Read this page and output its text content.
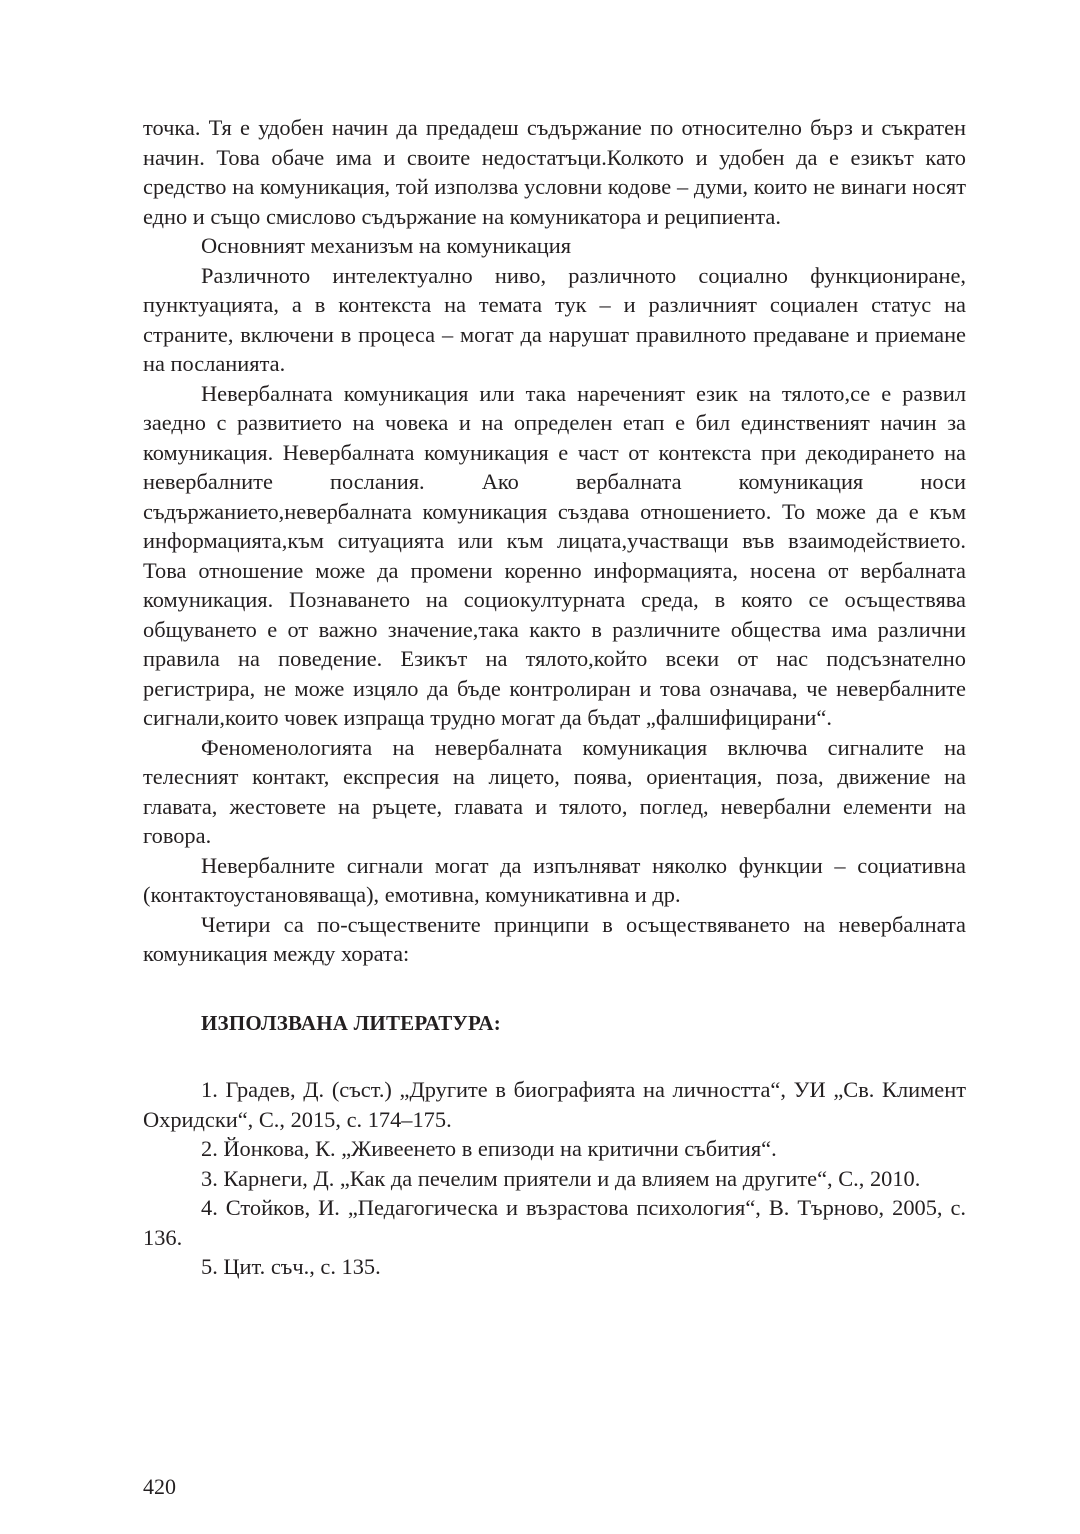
точка. Тя е удобен начин да предадеш съдържание по относително бърз и съкратен начин. Това обаче има и своите недостатъци.Колкото и удобен да е езикът като средство на комуникация, той използва условни кодове – думи, които не винаги носят едно и също смислово съдържание на комуникатора и реципиента.

Основният механизъм на комуникация

Различното интелектуално ниво, различното социално функциониране, пунктуацията, а в контекста на темата тук – и различният социален статус на страните, включени в процеса – могат да нарушат правилното предаване и приемане на посланията.

Невербалната комуникация или така нареченият език на тялото,се е развил заедно с развитието на човека и на определен етап е бил единственият начин за комуникация. Невербалната комуникация е част от контекста при декодирането на невербалните послания. Ако вербалната комуникация носи съдържанието,невербалната комуникация създава отношението. То може да е към информацията,към ситуацията или към лицата,участващи във взаимодействието. Това отношение може да промени коренно информацията, носена от вербалната комуникация. Познаването на социокултурната среда, в която се осъществява общуването е от важно значение,така както в различните общества има различни правила на поведение. Езикът на тялото,който всеки от нас подсъзнателно регистрира, не може изцяло да бъде контролиран и това означава, че невербалните сигнали,които човек изпраща трудно могат да бъдат „фалшифицирани“.

Феноменологията на невербалната комуникация включва сигналите на телесният контакт, експресия на лицето, поява, ориентация, поза, движение на главата, жестовете на ръцете, главата и тялото, поглед, невербални елементи на говора.

Невербалните сигнали могат да изпълняват няколко функции – социативна (контактоустановяваща), емотивна, комуникативна и др.

Четири са по-съществените принципи в осъществяването на невербалната комуникация между хората:

ИЗПОЛЗВАНА ЛИТЕРАТУРА:

1. Градев, Д. (съст.) „Другите в биографията на личността“, УИ „Св. Климент Охридски“, С., 2015, с. 174–175.

2. Йонкова, К. „Живеенето в епизоди на критични събития“.

3. Карнеги, Д. „Как да печелим приятели и да влияем на другите“, С., 2010.

4. Стойков, И. „Педагогическа и възрастова психология“, В. Търново, 2005, с. 136.

5. Цит. съч., с. 135.

420
